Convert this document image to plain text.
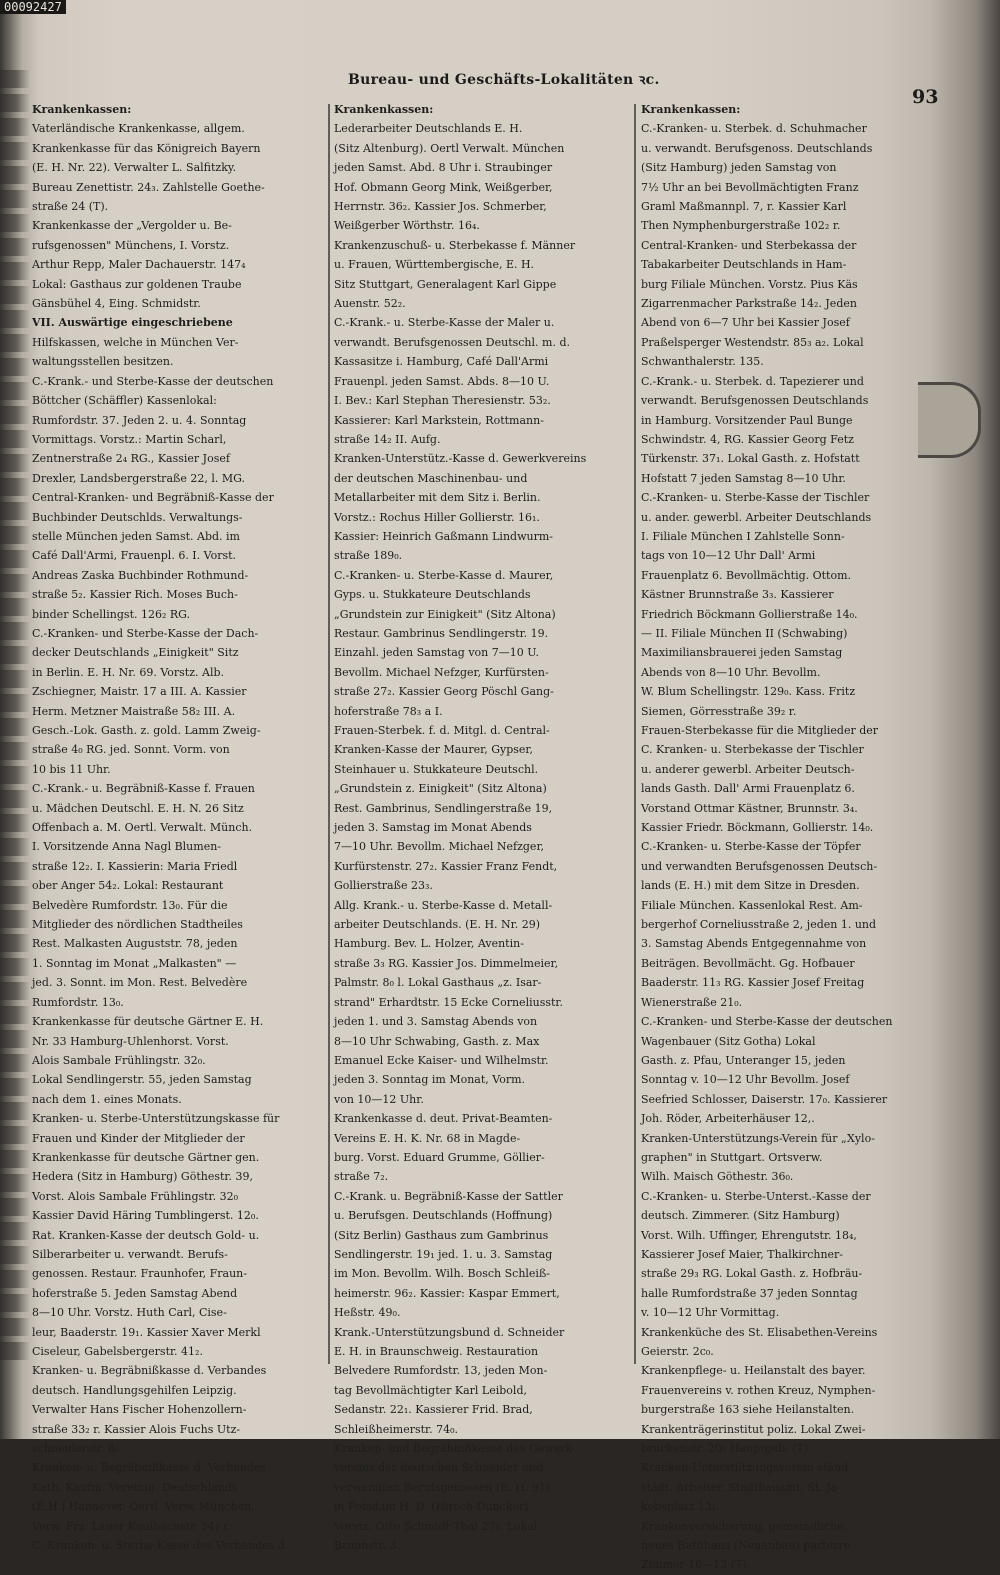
00092427
Bureau- und Geschäfts-Lokalitäten ꝛc.
93
Krankenkassen:
Vaterländische Krankenkasse, allgem.
Krankenkasse für das Königreich Bayern
(E. H. Nr. 22). Verwalter L. Salfitzky.
Bureau Zenettistr. 24₃. Zahlstelle Goethe-
straße 24 (T).
Krankenkasse der „Vergolder u. Be-
rufsgenossen" Münchens, I. Vorstz.
Arthur Repp, Maler Dachauerstr. 147₄
Lokal: Gasthaus zur goldenen Traube
Gänsbühel 4, Eing. Schmidstr.
VII. Auswärtige eingeschriebene
Hilfskassen, welche in München Ver-
waltungsstellen besitzen.
C.-Krank.- und Sterbe-Kasse der deutschen
Böttcher (Schäffler) Kassenlokal:
Rumfordstr. 37. Jeden 2. u. 4. Sonntag
Vormittags. Vorstz.: Martin Scharl,
Zentnerstraße 2₄ RG., Kassier Josef
Drexler, Landsbergerstraße 22, l. MG.
Central-Kranken- und Begräbniß-Kasse der
Buchbinder Deutschlds. Verwaltungs-
stelle München jeden Samst. Abd. im
Café Dall'Armi, Frauenpl. 6. I. Vorst.
Andreas Zaska Buchbinder Rothmund-
straße 5₂. Kassier Rich. Moses Buch-
binder Schellingst. 126₂ RG.
C.-Kranken- und Sterbe-Kasse der Dach-
decker Deutschlands „Einigkeit" Sitz
in Berlin. E. H. Nr. 69. Vorstz. Alb.
Zschiegner, Maistr. 17 a III. A. Kassier
Herm. Metzner Maistraße 58₂ III. A.
Gesch.-Lok. Gasth. z. gold. Lamm Zweig-
straße 4₀ RG. jed. Sonnt. Vorm. von
10 bis 11 Uhr.
C.-Krank.- u. Begräbniß-Kasse f. Frauen
u. Mädchen Deutschl. E. H. N. 26 Sitz
Offenbach a. M. Oertl. Verwalt. Münch.
I. Vorsitzende Anna Nagl Blumen-
straße 12₂. I. Kassierin: Maria Friedl
ober Anger 54₂. Lokal: Restaurant
Belvedère Rumfordstr. 13₀. Für die
Mitglieder des nördlichen Stadtheiles
Rest. Malkasten Auguststr. 78, jeden
1. Sonntag im Monat „Malkasten" —
jed. 3. Sonnt. im Mon. Rest. Belvedère
Rumfordstr. 13₀.
Krankenkasse für deutsche Gärtner E. H.
Nr. 33 Hamburg-Uhlenhorst. Vorst.
Alois Sambale Frühlingstr. 32₀.
Lokal Sendlingerstr. 55, jeden Samstag
nach dem 1. eines Monats.
Kranken- u. Sterbe-Unterstützungskasse für
Frauen und Kinder der Mitglieder der
Krankenkasse für deutsche Gärtner gen.
Hedera (Sitz in Hamburg) Göthestr. 39,
Vorst. Alois Sambale Frühlingstr. 32₀
Kassier David Häring Tumblingerst. 12₀.
Rat. Kranken-Kasse der deutsch Gold- u.
Silberarbeiter u. verwandt. Berufs-
genossen. Restaur. Fraunhofer, Fraun-
hoferstraße 5. Jeden Samstag Abend
8—10 Uhr. Vorstz. Huth Carl, Cise-
leur, Baaderstr. 19₁. Kassier Xaver Merkl
Ciseleur, Gabelsbergerstr. 41₂.
Kranken- u. Begräbnißkasse d. Verbandes
deutsch. Handlungsgehilfen Leipzig.
Verwalter Hans Fischer Hohenzollern-
straße 33₂ r. Kassier Alois Fuchs Utz-
schneiderstr. 8₀.
Kranken- u. Begräbnißkasse d. Verbandes
Kath. Kaufm. Vereinig. Deutschlands
(E.H.) Hannover. Oertl. Verw. München,
Verw. Frz. Lauer Kaulbachstr. 54₂ r.
C.-Kranken- u. Sterbe-Kasse des Verbandes d.
Krankenkassen:
Lederarbeiter Deutschlands E. H.
(Sitz Altenburg). Oertl Verwalt. München
jeden Samst. Abd. 8 Uhr i. Straubinger
Hof. Obmann Georg Mink, Weißgerber,
Herrnstr. 36₂. Kassier Jos. Schmerber,
Weißgerber Wörthstr. 16₄.
Krankenzuschuß- u. Sterbekasse f. Männer
u. Frauen, Württembergische, E. H.
Sitz Stuttgart, Generalagent Karl Gippe
Auenstr. 52₂.
C.-Krank.- u. Sterbe-Kasse der Maler u.
verwandt. Berufsgenossen Deutschl. m. d.
Kassasitze i. Hamburg, Café Dall'Armi
Frauenpl. jeden Samst. Abds. 8—10 U.
I. Bev.: Karl Stephan Theresienstr. 53₂.
Kassierer: Karl Markstein, Rottmann-
straße 14₂ II. Aufg.
Kranken-Unterstütz.-Kasse d. Gewerkvereins
der deutschen Maschinenbau- und
Metallarbeiter mit dem Sitz i. Berlin.
Vorstz.: Rochus Hiller Gollierstr. 16₁.
Kassier: Heinrich Gaßmann Lindwurm-
straße 189₀.
C.-Kranken- u. Sterbe-Kasse d. Maurer,
Gyps. u. Stukkateure Deutschlands
„Grundstein zur Einigkeit" (Sitz Altona)
Restaur. Gambrinus Sendlingerstr. 19.
Einzahl. jeden Samstag von 7—10 U.
Bevollm. Michael Nefzger, Kurfürsten-
straße 27₂. Kassier Georg Pöschl Gang-
hoferstraße 78₃ a I.
Frauen-Sterbek. f. d. Mitgl. d. Central-
Kranken-Kasse der Maurer, Gypser,
Steinhauer u. Stukkateure Deutschl.
„Grundstein z. Einigkeit" (Sitz Altona)
Rest. Gambrinus, Sendlingerstraße 19,
jeden 3. Samstag im Monat Abends
7—10 Uhr. Bevollm. Michael Nefzger,
Kurfürstenstr. 27₂. Kassier Franz Fendt,
Gollierstraße 23₃.
Allg. Krank.- u. Sterbe-Kasse d. Metall-
arbeiter Deutschlands. (E. H. Nr. 29)
Hamburg. Bev. L. Holzer, Aventin-
straße 3₃ RG. Kassier Jos. Dimmelmeier,
Palmstr. 8₀ l. Lokal Gasthaus „z. Isar-
strand" Erhardtstr. 15 Ecke Corneliusstr.
jeden 1. und 3. Samstag Abends von
8—10 Uhr Schwabing, Gasth. z. Max
Emanuel Ecke Kaiser- und Wilhelmstr.
jeden 3. Sonntag im Monat, Vorm.
von 10—12 Uhr.
Krankenkasse d. deut. Privat-Beamten-
Vereins E. H. K. Nr. 68 in Magde-
burg. Vorst. Eduard Grumme, Göllier-
straße 7₂.
C.-Krank. u. Begräbniß-Kasse der Sattler
u. Berufsgen. Deutschlands (Hoffnung)
(Sitz Berlin) Gasthaus zum Gambrinus
Sendlingerstr. 19₁ jed. 1. u. 3. Samstag
im Mon. Bevollm. Wilh. Bosch Schleiß-
heimerstr. 96₂. Kassier: Kaspar Emmert,
Heßstr. 49₀.
Krank.-Unterstützungsbund d. Schneider
E. H. in Braunschweig. Restauration
Belvedere Rumfordstr. 13, jeden Mon-
tag Bevollmächtigter Karl Leibold,
Sedanstr. 22₁. Kassierer Frid. Brad,
Schleißheimerstr. 74₀.
Kranken- und Begräbnißkasse des Gewerk-
vereins der deutschen Schneider und
verwandten Berufsgenossen (E. H. 91)
in Potsdam H. D. (Hirsch-Duncker).
Vorstz. Otto Schmidt Thal 27₄. Lokal
Brunnstr. 3.
Krankenkassen:
C.-Kranken- u. Sterbek. d. Schuhmacher
u. verwandt. Berufsgenoss. Deutschlands
(Sitz Hamburg) jeden Samstag von
7½ Uhr an bei Bevollmächtigten Franz
Graml Maßmannpl. 7, r. Kassier Karl
Then Nymphenburgerstraße 102₂ r.
Central-Kranken- und Sterbekassa der
Tabakarbeiter Deutschlands in Ham-
burg Filiale München. Vorstz. Pius Käs
Zigarrenmacher Parkstraße 14₂. Jeden
Abend von 6—7 Uhr bei Kassier Josef
Praßelsperger Westendstr. 85₃ a₂. Lokal
Schwanthalerstr. 135.
C.-Krank.- u. Sterbek. d. Tapezierer und
verwandt. Berufsgenossen Deutschlands
in Hamburg. Vorsitzender Paul Bunge
Schwindstr. 4, RG. Kassier Georg Fetz
Türkenstr. 37₁. Lokal Gasth. z. Hofstatt
Hofstatt 7 jeden Samstag 8—10 Uhr.
C.-Kranken- u. Sterbe-Kasse der Tischler
u. ander. gewerbl. Arbeiter Deutschlands
I. Filiale München I Zahlstelle Sonn-
tags von 10—12 Uhr Dall' Armi
Frauenplatz 6. Bevollmächtig. Ottom.
Kästner Brunnstraße 3₃. Kassierer
Friedrich Böckmann Gollierstraße 14₀.
— II. Filiale München II (Schwabing)
Maximiliansbrauerei jeden Samstag
Abends von 8—10 Uhr. Bevollm.
W. Blum Schellingstr. 129₀. Kass. Fritz
Siemen, Görresstraße 39₂ r.
Frauen-Sterbekasse für die Mitglieder der
C. Kranken- u. Sterbekasse der Tischler
u. anderer gewerbl. Arbeiter Deutsch-
lands Gasth. Dall' Armi Frauenplatz 6.
Vorstand Ottmar Kästner, Brunnstr. 3₄.
Kassier Friedr. Böckmann, Gollierstr. 14₀.
C.-Kranken- u. Sterbe-Kasse der Töpfer
und verwandten Berufsgenossen Deutsch-
lands (E. H.) mit dem Sitze in Dresden.
Filiale München. Kassenlokal Rest. Am-
bergerhof Corneliusstraße 2, jeden 1. und
3. Samstag Abends Entgegennahme von
Beiträgen. Bevollmächt. Gg. Hofbauer
Baaderstr. 11₃ RG. Kassier Josef Freitag
Wienerstraße 21₀.
C.-Kranken- und Sterbe-Kasse der deutschen
Wagenbauer (Sitz Gotha) Lokal
Gasth. z. Pfau, Unteranger 15, jeden
Sonntag v. 10—12 Uhr Bevollm. Josef
Seefried Schlosser, Daiserstr. 17₀. Kassierer
Joh. Röder, Arbeiterhäuser 12,.
Kranken-Unterstützungs-Verein für „Xylo-
graphen" in Stuttgart. Ortsverw.
Wilh. Maisch Göthestr. 36₀.
C.-Kranken- u. Sterbe-Unterst.-Kasse der
deutsch. Zimmerer. (Sitz Hamburg)
Vorst. Wilh. Uffinger, Ehrengutstr. 18₄,
Kassierer Josef Maier, Thalkirchner-
straße 29₃ RG. Lokal Gasth. z. Hofbräu-
halle Rumfordstraße 37 jeden Sonntag
v. 10—12 Uhr Vormittag.
Krankenküche des St. Elisabethen-Vereins
Geierstr. 2c₀.
Krankenpflege- u. Heilanstalt des bayer.
Frauenvereins v. rothen Kreuz, Nymphen-
burgerstraße 163 siehe Heilanstalten.
Krankenträgerinstitut poliz. Lokal Zwei-
brückenstr. 20₀ Hauptgeb. (T).
Kranken-Unterstützungsverein ständ.
städt. Arbeiter, Stadtbauamt, St. Ja-
kobsplatz 13₁.
Krankenversicherung, gemeindliche,
neues Rathhaus (Neuanbau) parterre
Zimmer 10—13 (T).
